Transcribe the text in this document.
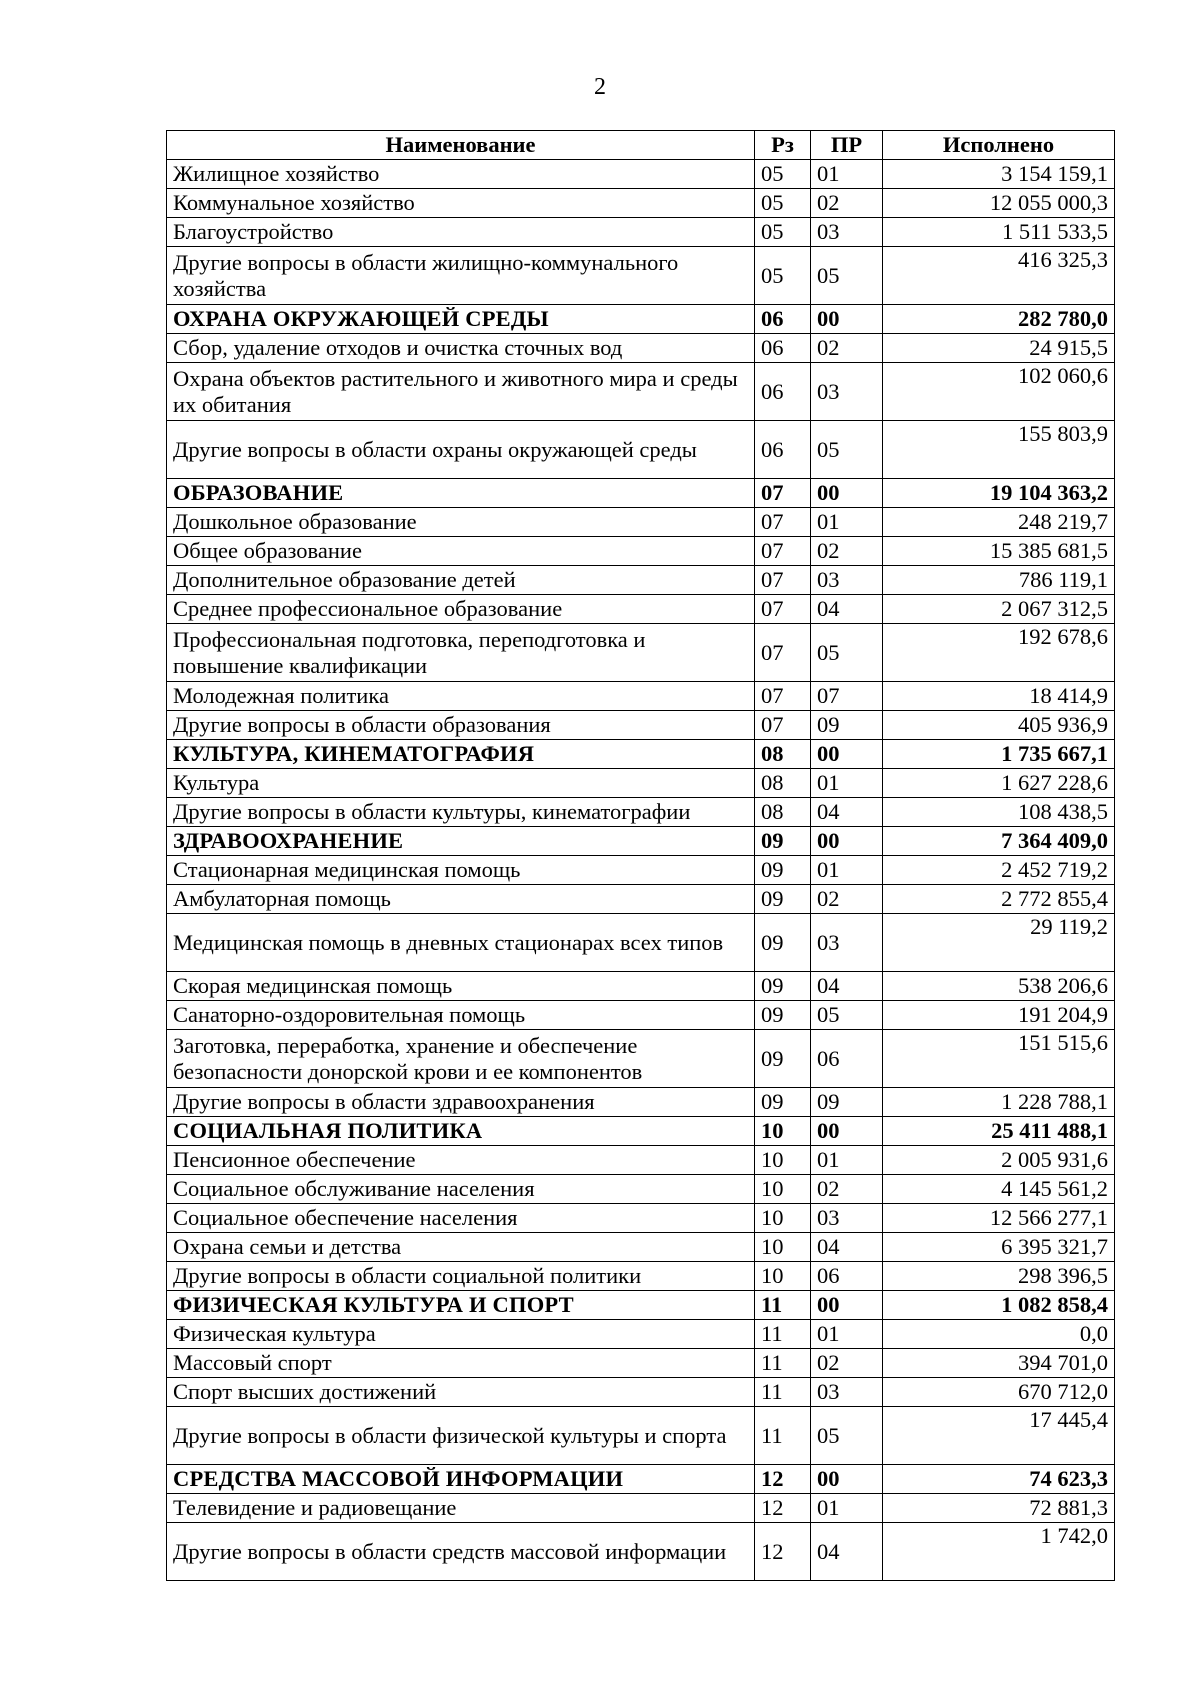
2
Наименование	Рз	ПР	Исполнено
Жилищное хозяйство	05	01	3 154 159,1
Коммунальное хозяйство	05	02	12 055 000,3
Благоустройство	05	03	1 511 533,5
Другие вопросы в области жилищно-коммунального хозяйства	05	05	416 325,3
ОХРАНА ОКРУЖАЮЩЕЙ СРЕДЫ	06	00	282 780,0
Сбор, удаление отходов и очистка сточных вод	06	02	24 915,5
Охрана объектов растительного и животного мира и среды их обитания	06	03	102 060,6
Другие вопросы в области охраны окружающей среды	06	05	155 803,9
ОБРАЗОВАНИЕ	07	00	19 104 363,2
Дошкольное образование	07	01	248 219,7
Общее образование	07	02	15 385 681,5
Дополнительное образование детей	07	03	786 119,1
Среднее профессиональное образование	07	04	2 067 312,5
Профессиональная подготовка, переподготовка и повышение квалификации	07	05	192 678,6
Молодежная политика	07	07	18 414,9
Другие вопросы в области образования	07	09	405 936,9
КУЛЬТУРА, КИНЕМАТОГРАФИЯ	08	00	1 735 667,1
Культура	08	01	1 627 228,6
Другие вопросы в области культуры, кинематографии	08	04	108 438,5
ЗДРАВООХРАНЕНИЕ	09	00	7 364 409,0
Стационарная медицинская помощь	09	01	2 452 719,2
Амбулаторная помощь	09	02	2 772 855,4
Медицинская помощь в дневных стационарах всех типов	09	03	29 119,2
Скорая медицинская помощь	09	04	538 206,6
Санаторно-оздоровительная помощь	09	05	191 204,9
Заготовка, переработка, хранение и обеспечение безопасности донорской крови и ее компонентов	09	06	151 515,6
Другие вопросы в области здравоохранения	09	09	1 228 788,1
СОЦИАЛЬНАЯ ПОЛИТИКА	10	00	25 411 488,1
Пенсионное обеспечение	10	01	2 005 931,6
Социальное обслуживание населения	10	02	4 145 561,2
Социальное обеспечение населения	10	03	12 566 277,1
Охрана семьи и детства	10	04	6 395 321,7
Другие вопросы в области социальной политики	10	06	298 396,5
ФИЗИЧЕСКАЯ КУЛЬТУРА И СПОРТ	11	00	1 082 858,4
Физическая культура	11	01	0,0
Массовый спорт	11	02	394 701,0
Спорт высших достижений	11	03	670 712,0
Другие вопросы в области физической культуры и спорта	11	05	17 445,4
СРЕДСТВА МАССОВОЙ ИНФОРМАЦИИ	12	00	74 623,3
Телевидение и радиовещание	12	01	72 881,3
Другие вопросы в области средств массовой информации	12	04	1 742,0
